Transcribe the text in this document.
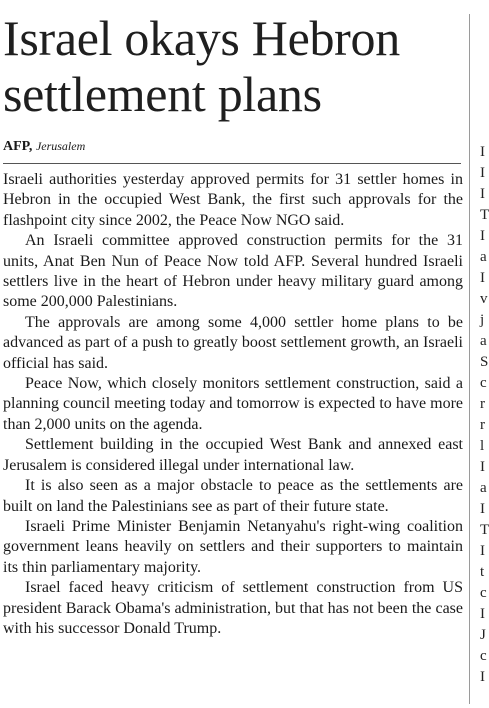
Israel okays Hebron
settlement plans
AFP, Jerusalem

Israeli authorities yesterday approved permits for 31 settler homes in Hebron in the occupied West Bank, the first such approvals for the flashpoint city since 2002, the Peace Now NGO said.

An Israeli committee approved construction permits for the 31 units, Anat Ben Nun of Peace Now told AFP. Several hundred Israeli settlers live in the heart of Hebron under heavy military guard among some 200,000 Palestinians.

The approvals are among some 4,000 settler home plans to be advanced as part of a push to greatly boost settlement growth, an Israeli official has said.

Peace Now, which closely monitors settlement construction, said a planning council meeting today and tomorrow is expected to have more than 2,000 units on the agenda.

Settlement building in the occupied West Bank and annexed east Jerusalem is considered illegal under international law.

It is also seen as a major obstacle to peace as the settlements are built on land the Palestinians see as part of their future state.

Israeli Prime Minister Benjamin Netanyahu's right-wing coalition government leans heavily on settlers and their supporters to maintain its thin parliamentary majority.

Israel faced heavy criticism of settlement construction from US president Barack Obama's administration, but that has not been the case with his successor Donald Trump.

I
I
I
T
I
a
I
v
j
a
S
c
r
r
l
I
a
I
T
I
t
c
I
J
c
I
